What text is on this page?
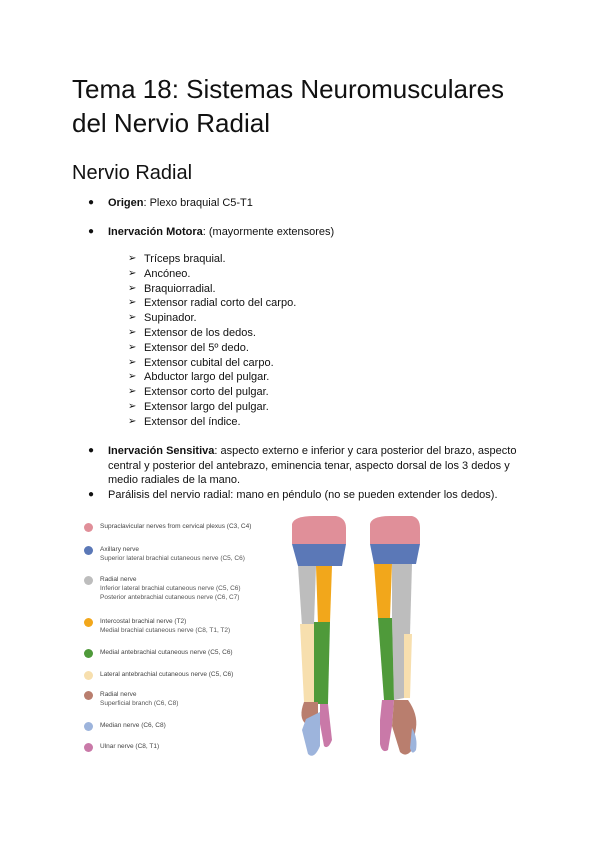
Tema 18: Sistemas Neuromusculares del Nervio Radial
Nervio Radial
● Origen: Plexo braquial C5-T1
● Inervación Motora: (mayormente extensores)
➢ Tríceps braquial.
➢ Ancóneo.
➢ Braquiorradial.
➢ Extensor radial corto del carpo.
➢ Supinador.
➢ Extensor de los dedos.
➢ Extensor del 5º dedo.
➢ Extensor cubital del carpo.
➢ Abductor largo del pulgar.
➢ Extensor corto del pulgar.
➢ Extensor largo del pulgar.
➢ Extensor del índice.
● Inervación Sensitiva: aspecto externo e inferior y cara posterior del brazo, aspecto central y posterior del antebrazo, eminencia tenar, aspecto dorsal de los 3 dedos y medio radiales de la mano.
● Parálisis del nervio radial: mano en péndulo (no se pueden extender los dedos).
Supraclavicular nerves from cervical plexus (C3, C4)
Axillary nerve
Superior lateral brachial cutaneous nerve (C5, C6)
Radial nerve
Inferior lateral brachial cutaneous nerve (C5, C6)
Posterior antebrachial cutaneous nerve (C6, C7)
Intercostal brachial nerve (T2)
Medial brachial cutaneous nerve (C8, T1, T2)
Medial antebrachial cutaneous nerve (C5, C6)
Lateral antebrachial cutaneous nerve (C5, C6)
Radial nerve
Superficial branch (C6, C8)
Median nerve (C6, C8)
Ulnar nerve (C8, T1)
